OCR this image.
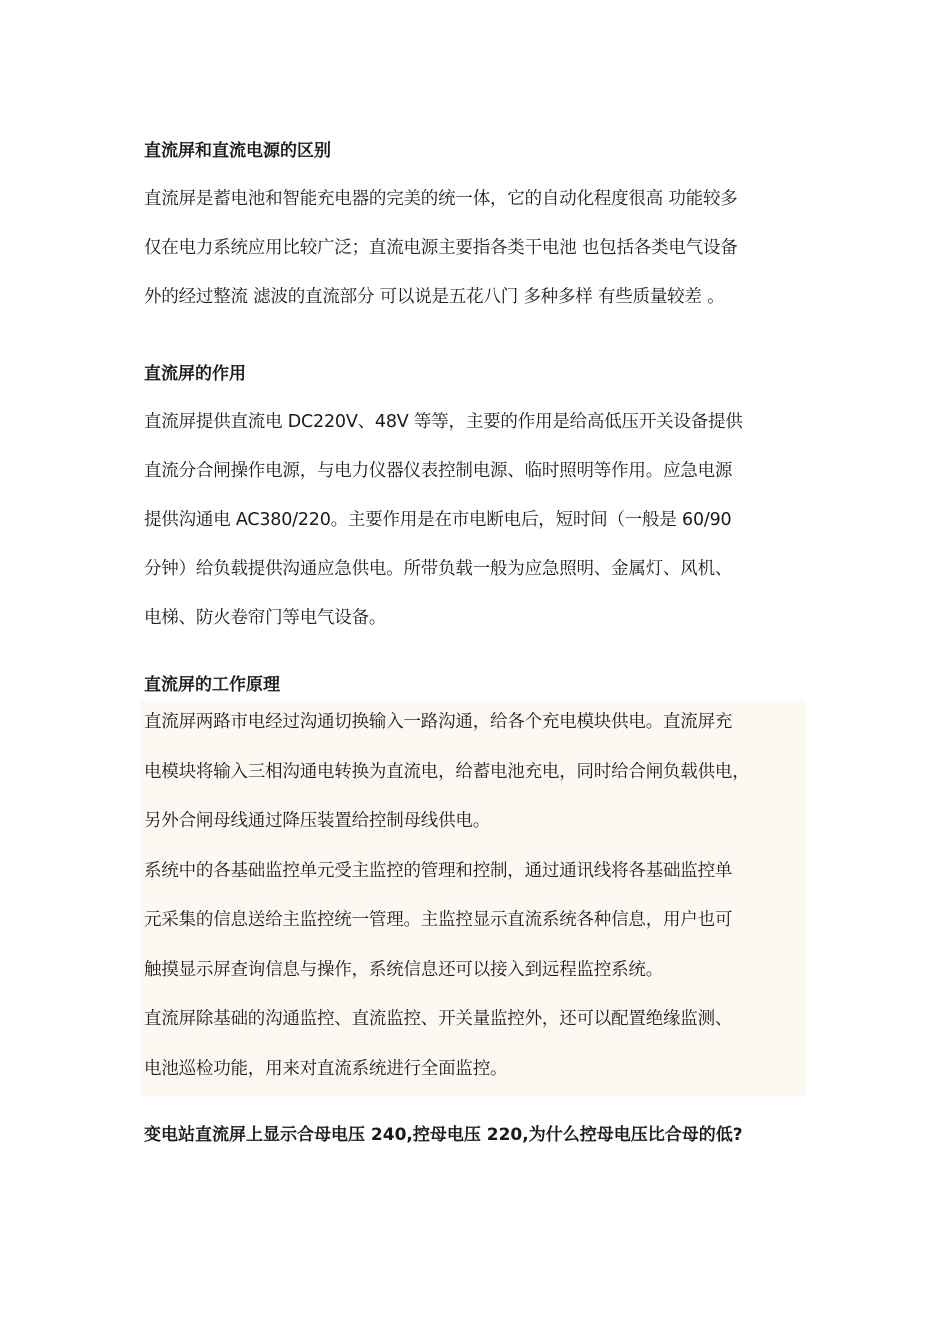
直流屏和直流电源的区别
直流屏是蓄电池和智能充电器的完美的统一体，它的自动化程度很高 功能较多
仅在电力系统应用比较广泛；直流电源主要指各类干电池 也包括各类电气设备
外的经过整流 滤波的直流部分 可以说是五花八门 多种多样 有些质量较差 。
直流屏的作用
直流屏提供直流电 DC220V、48V 等等，主要的作用是给高低压开关设备提供
直流分合闸操作电源，与电力仪器仪表控制电源、临时照明等作用。应急电源
提供沟通电 AC380/220。主要作用是在市电断电后，短时间（一般是 60/90
分钟）给负载提供沟通应急供电。所带负载一般为应急照明、金属灯、风机、
电梯、防火卷帘门等电气设备。
直流屏的工作原理
直流屏两路市电经过沟通切换输入一路沟通，给各个充电模块供电。直流屏充
电模块将输入三相沟通电转换为直流电，给蓄电池充电，同时给合闸负载供电，
另外合闸母线通过降压装置给控制母线供电。
系统中的各基础监控单元受主监控的管理和控制，通过通讯线将各基础监控单
元采集的信息送给主监控统一管理。主监控显示直流系统各种信息，用户也可
触摸显示屏查询信息与操作，系统信息还可以接入到远程监控系统。
直流屏除基础的沟通监控、直流监控、开关量监控外，还可以配置绝缘监测、
电池巡检功能，用来对直流系统进行全面监控。
变电站直流屏上显示合母电压 240,控母电压 220,为什么控母电压比合母的低?
